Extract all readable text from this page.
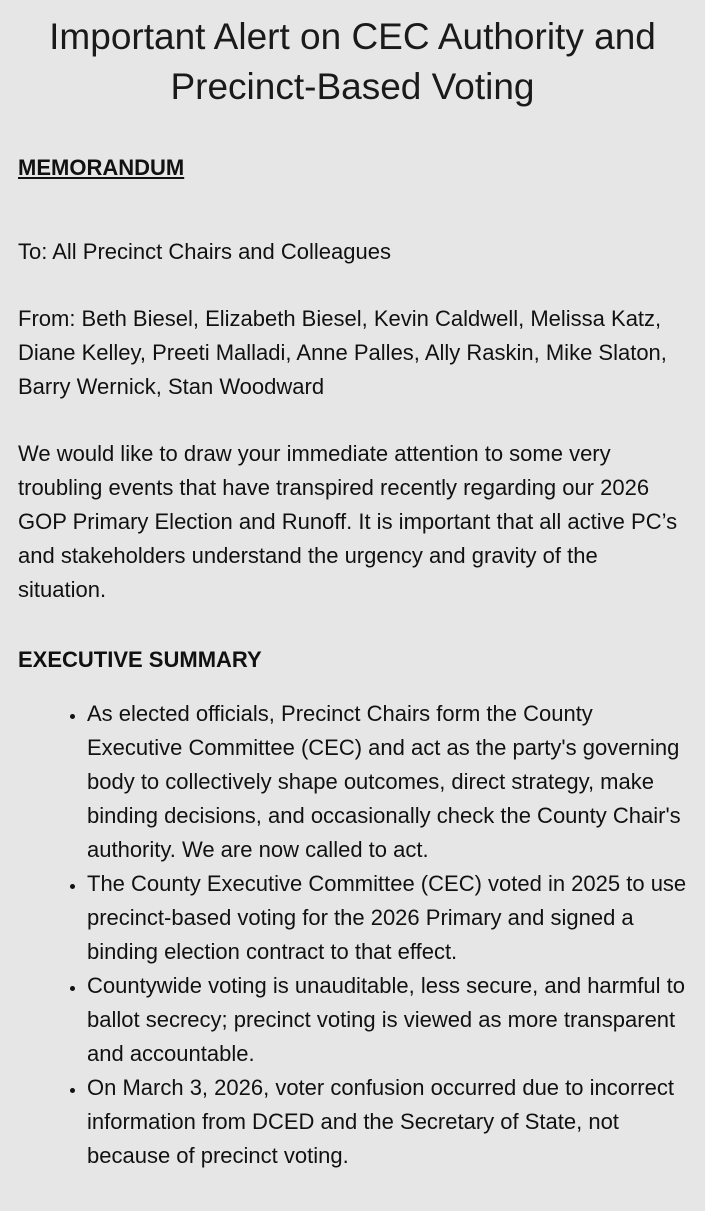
Important Alert on CEC Authority and Precinct-Based Voting

MEMORANDUM

To: All Precinct Chairs and Colleagues

From: Beth Biesel, Elizabeth Biesel, Kevin Caldwell, Melissa Katz, Diane Kelley, Preeti Malladi, Anne Palles, Ally Raskin, Mike Slaton, Barry Wernick, Stan Woodward

We would like to draw your immediate attention to some very troubling events that have transpired recently regarding our 2026 GOP Primary Election and Runoff. It is important that all active PC’s and stakeholders understand the urgency and gravity of the situation.

EXECUTIVE SUMMARY

• As elected officials, Precinct Chairs form the County Executive Committee (CEC) and act as the party's governing body to collectively shape outcomes, direct strategy, make binding decisions, and occasionally check the County Chair's authority. We are now called to act.
• The County Executive Committee (CEC) voted in 2025 to use precinct-based voting for the 2026 Primary and signed a binding election contract to that effect.
• Countywide voting is unauditable, less secure, and harmful to ballot secrecy; precinct voting is viewed as more transparent and accountable.
• On March 3, 2026, voter confusion occurred due to incorrect information from DCED and the Secretary of State, not because of precinct voting.
